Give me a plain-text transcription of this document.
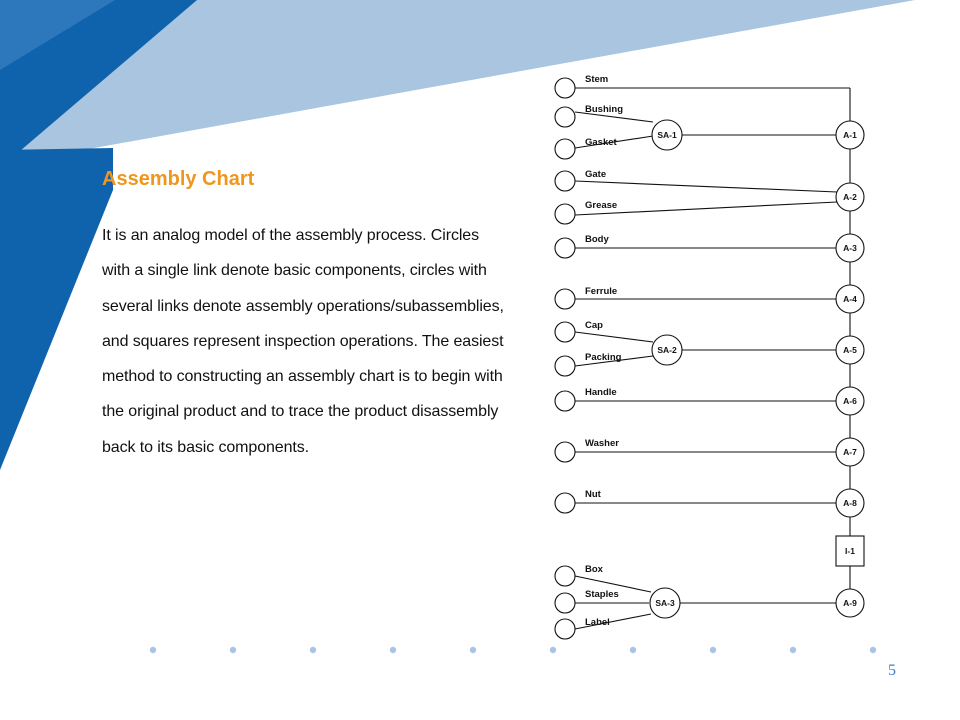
Assembly Chart
It is an analog model of the assembly process. Circles with a single link denote basic components, circles with several links denote assembly operations/subassemblies, and squares represent inspection operations. The easiest method to constructing an assembly chart is to begin with the original product and to trace the product disassembly back to its basic components.
Stem
Bushing
Gasket
Gate
Grease
Body
Ferrule
Cap
Packing
Handle
Washer
Nut
Box
Staples
Label
SA-1
SA-2
SA-3
A-1
A-2
A-3
A-4
A-5
A-6
A-7
A-8
A-9
I-1
5
